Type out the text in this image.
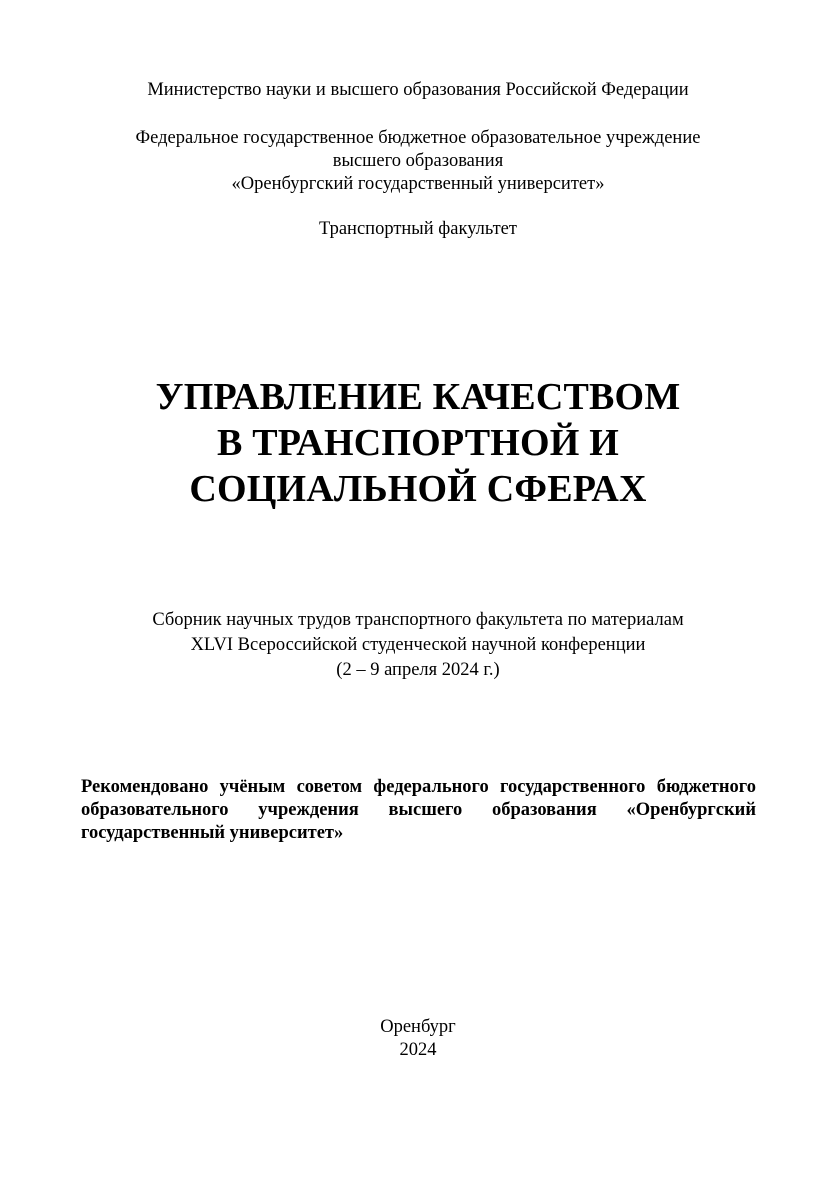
Министерство науки и высшего образования Российской Федерации
Федеральное государственное бюджетное образовательное учреждение
высшего образования
«Оренбургский государственный университет»
Транспортный факультет
УПРАВЛЕНИЕ КАЧЕСТВОМ
В ТРАНСПОРТНОЙ И
СОЦИАЛЬНОЙ СФЕРАХ
Сборник научных трудов транспортного факультета по материалам
XLVI Всероссийской студенческой научной конференции
(2 – 9 апреля 2024 г.)
Рекомендовано учёным советом федерального государственного бюджетного
образовательного учреждения высшего образования «Оренбургский
государственный университет»
Оренбург
2024
